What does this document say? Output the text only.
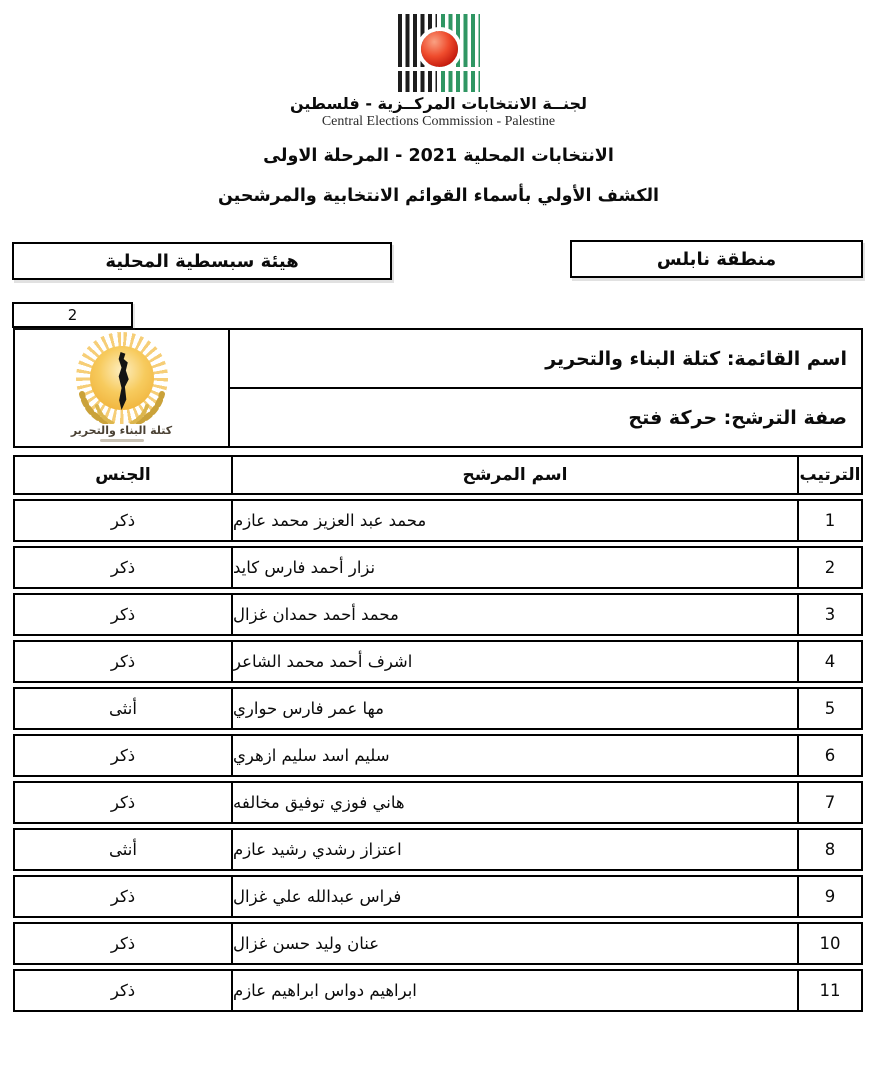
لجنــة الانتخابات المركــزية - فلسطين
Central Elections Commission - Palestine
الانتخابات المحلية 2021 - المرحلة الاولى
الكشف الأولي بأسماء القوائم الانتخابية والمرشحين
منطقة نابلس
هيئة سبسطية المحلية
2
كتلة البناء والتحرير
اسم القائمة: كتلة البناء والتحرير
صفة الترشح: حركة فتح
الجنس	اسم المرشح	الترتيب
ذكر	محمد عبد العزيز محمد عازم	1
ذكر	نزار أحمد فارس كايد	2
ذكر	محمد أحمد حمدان غزال	3
ذكر	اشرف أحمد محمد الشاعر	4
أنثى	مها عمر فارس حواري	5
ذكر	سليم اسد سليم ازهري	6
ذكر	هاني فوزي توفيق مخالفه	7
أنثى	اعتزاز رشدي رشيد عازم	8
ذكر	فراس عبدالله علي غزال	9
ذكر	عنان وليد حسن غزال	10
ذكر	ابراهيم دواس ابراهيم عازم	11
